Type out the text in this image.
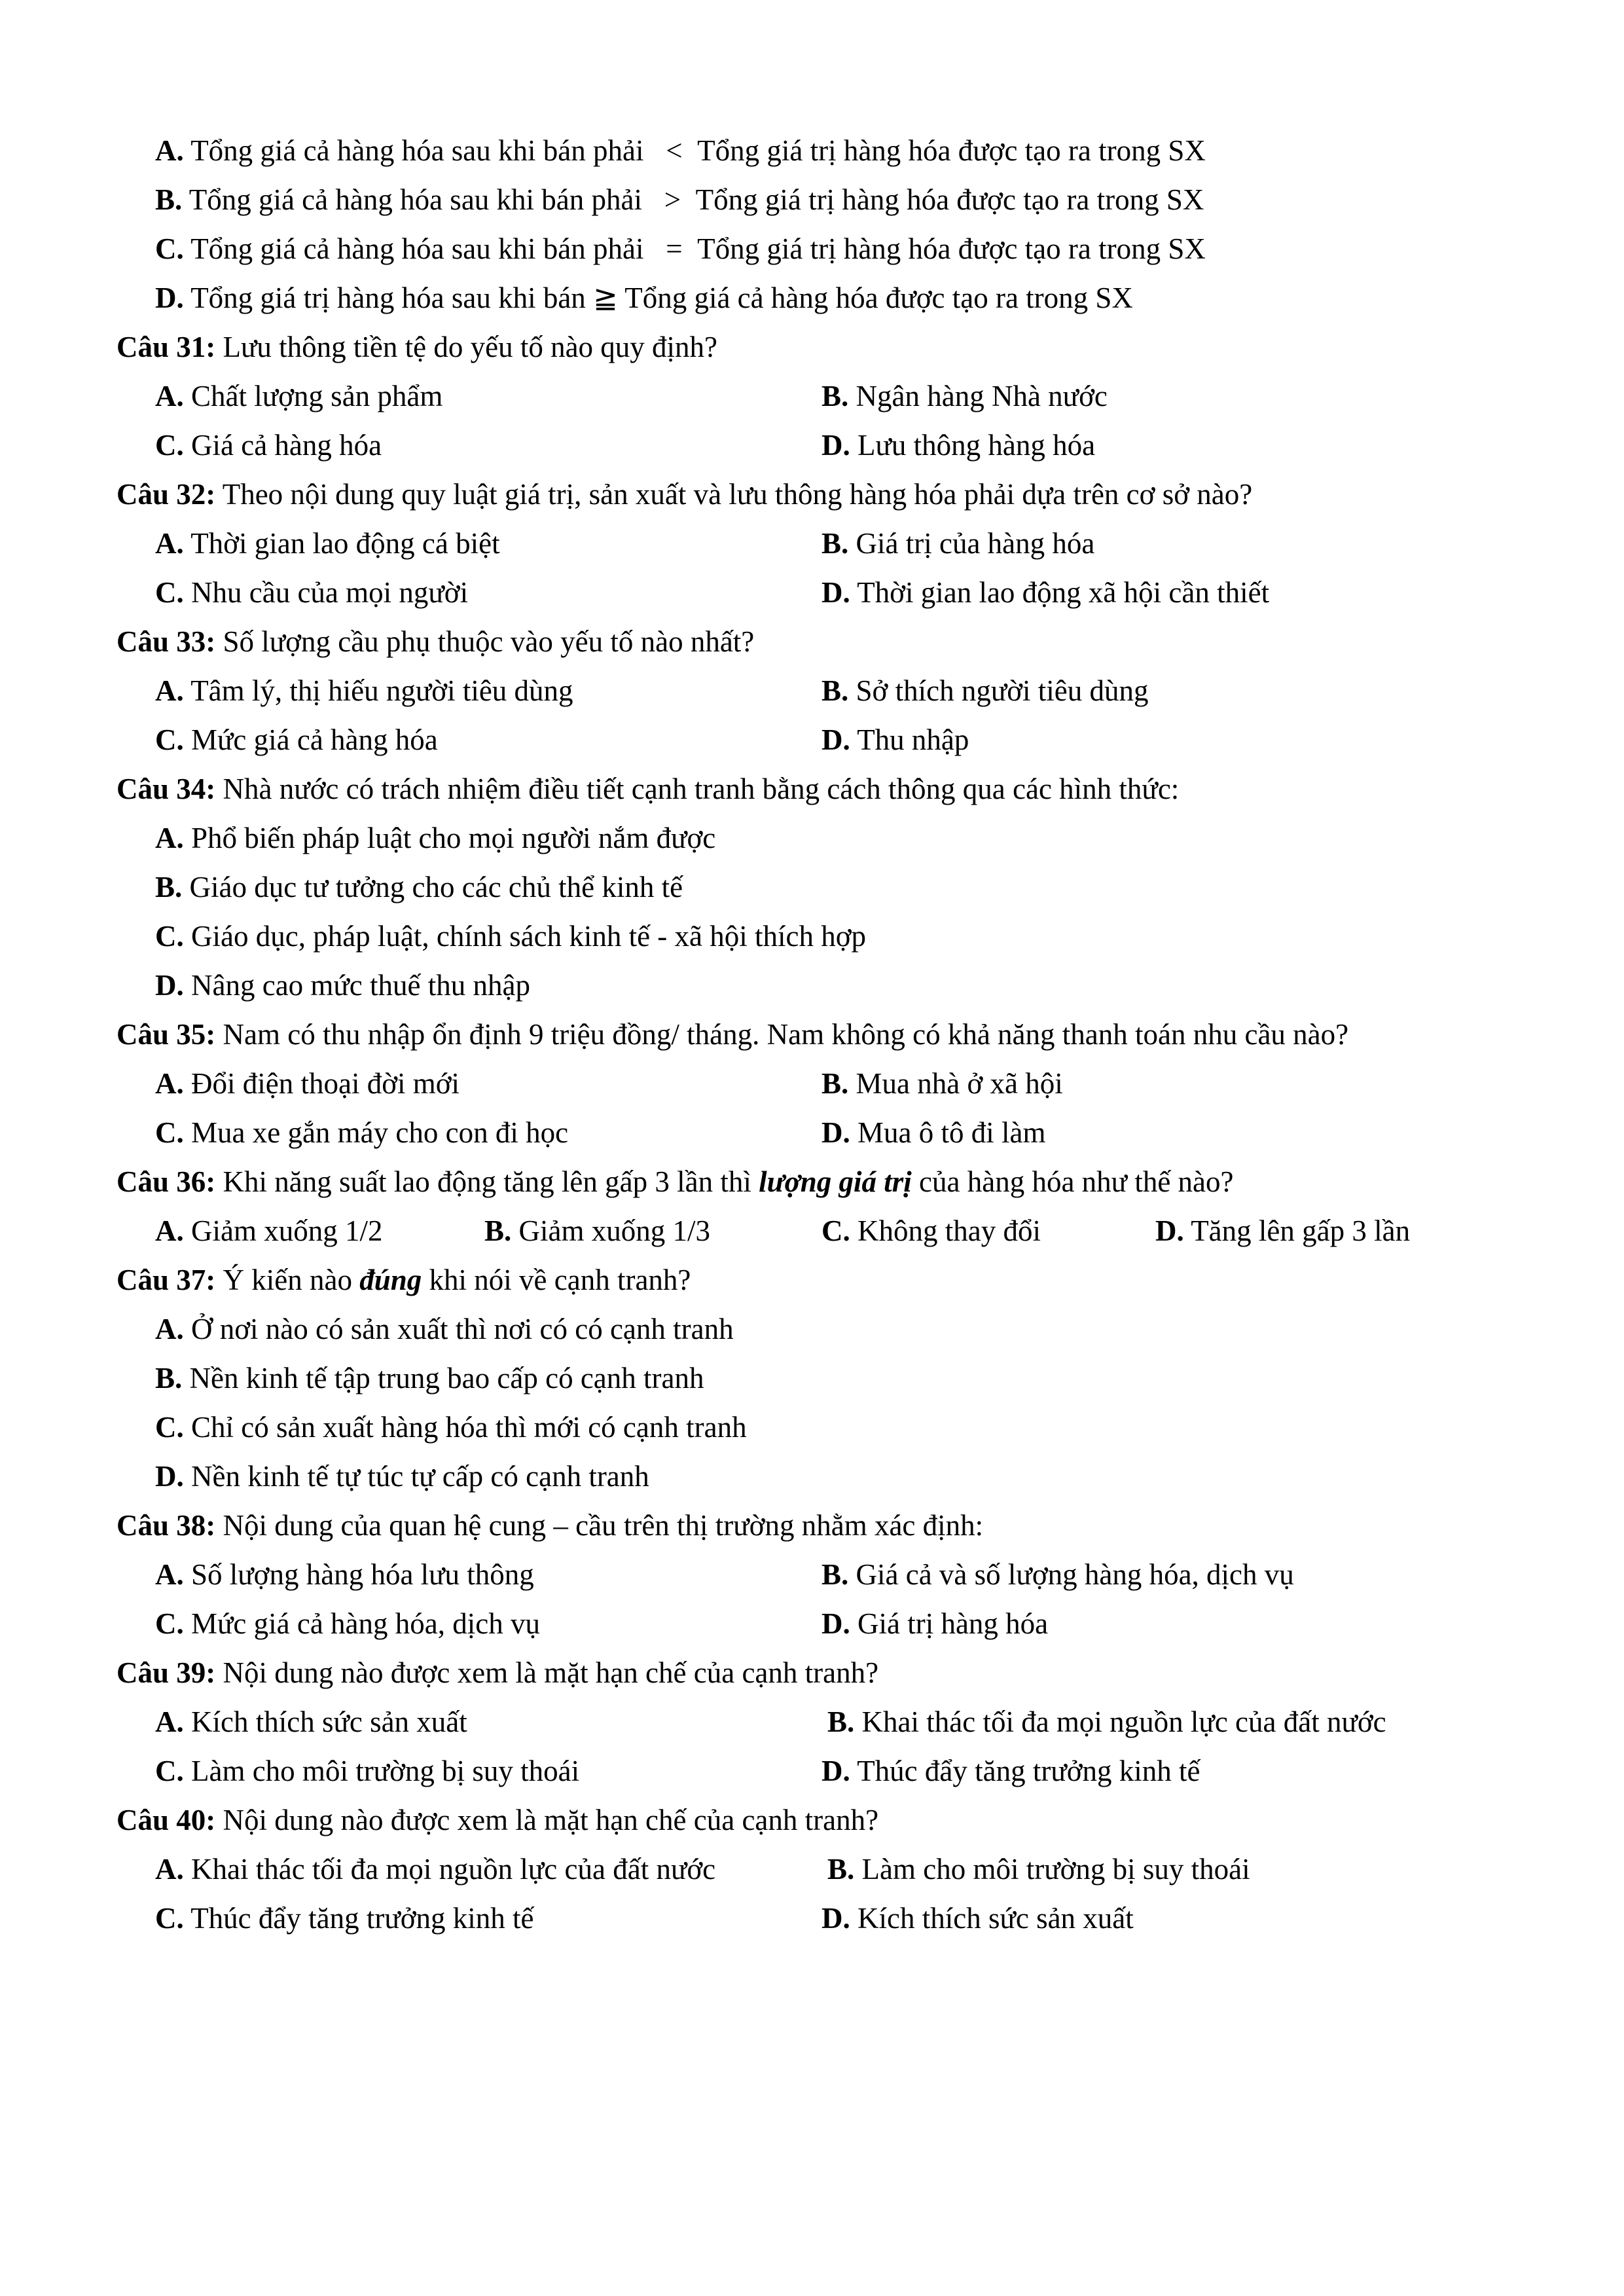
A. Tổng giá cả hàng hóa sau khi bán phải < Tổng giá trị hàng hóa được tạo ra trong SX
B. Tổng giá cả hàng hóa sau khi bán phải > Tổng giá trị hàng hóa được tạo ra trong SX
C. Tổng giá cả hàng hóa sau khi bán phải = Tổng giá trị hàng hóa được tạo ra trong SX
D. Tổng giá trị hàng hóa sau khi bán ≧ Tổng giá cả hàng hóa được tạo ra trong SX
Câu 31: Lưu thông tiền tệ do yếu tố nào quy định?
A. Chất lượng sản phẩm	B. Ngân hàng Nhà nước
C. Giá cả hàng hóa	D. Lưu thông hàng hóa
Câu 32: Theo nội dung quy luật giá trị, sản xuất và lưu thông hàng hóa phải dựa trên cơ sở nào?
A. Thời gian lao động cá biệt	B. Giá trị của hàng hóa
C. Nhu cầu của mọi người	D. Thời gian lao động xã hội cần thiết
Câu 33: Số lượng cầu phụ thuộc vào yếu tố nào nhất?
A. Tâm lý, thị hiếu người tiêu dùng	B. Sở thích người tiêu dùng
C. Mức giá cả hàng hóa	D. Thu nhập
Câu 34: Nhà nước có trách nhiệm điều tiết cạnh tranh bằng cách thông qua các hình thức:
A. Phổ biến pháp luật cho mọi người nắm được
B. Giáo dục tư tưởng cho các chủ thể kinh tế
C. Giáo dục, pháp luật, chính sách kinh tế - xã hội thích hợp
D. Nâng cao mức thuế thu nhập
Câu 35: Nam có thu nhập ổn định 9 triệu đồng/ tháng. Nam không có khả năng thanh toán nhu cầu nào?
A. Đổi điện thoại đời mới	B. Mua nhà ở xã hội
C. Mua xe gắn máy cho con đi học	D. Mua ô tô đi làm
Câu 36: Khi năng suất lao động tăng lên gấp 3 lần thì lượng giá trị của hàng hóa như thế nào?
A. Giảm xuống 1/2	B. Giảm xuống 1/3	C. Không thay đổi	D. Tăng lên gấp 3 lần
Câu 37: Ý kiến nào đúng khi nói về cạnh tranh?
A. Ở nơi nào có sản xuất thì nơi có có cạnh tranh
B. Nền kinh tế tập trung bao cấp có cạnh tranh
C. Chỉ có sản xuất hàng hóa thì mới có cạnh tranh
D. Nền kinh tế tự túc tự cấp có cạnh tranh
Câu 38: Nội dung của quan hệ cung – cầu trên thị trường nhằm xác định:
A. Số lượng hàng hóa lưu thông	B. Giá cả và số lượng hàng hóa, dịch vụ
C. Mức giá cả hàng hóa, dịch vụ	D. Giá trị hàng hóa
Câu 39: Nội dung nào được xem là mặt hạn chế của cạnh tranh?
A. Kích thích sức sản xuất	B. Khai thác tối đa mọi nguồn lực của đất nước
C. Làm cho môi trường bị suy thoái	D. Thúc đẩy tăng trưởng kinh tế
Câu 40: Nội dung nào được xem là mặt hạn chế của cạnh tranh?
A. Khai thác tối đa mọi nguồn lực của đất nước	B. Làm cho môi trường bị suy thoái
C. Thúc đẩy tăng trưởng kinh tế	D. Kích thích sức sản xuất
